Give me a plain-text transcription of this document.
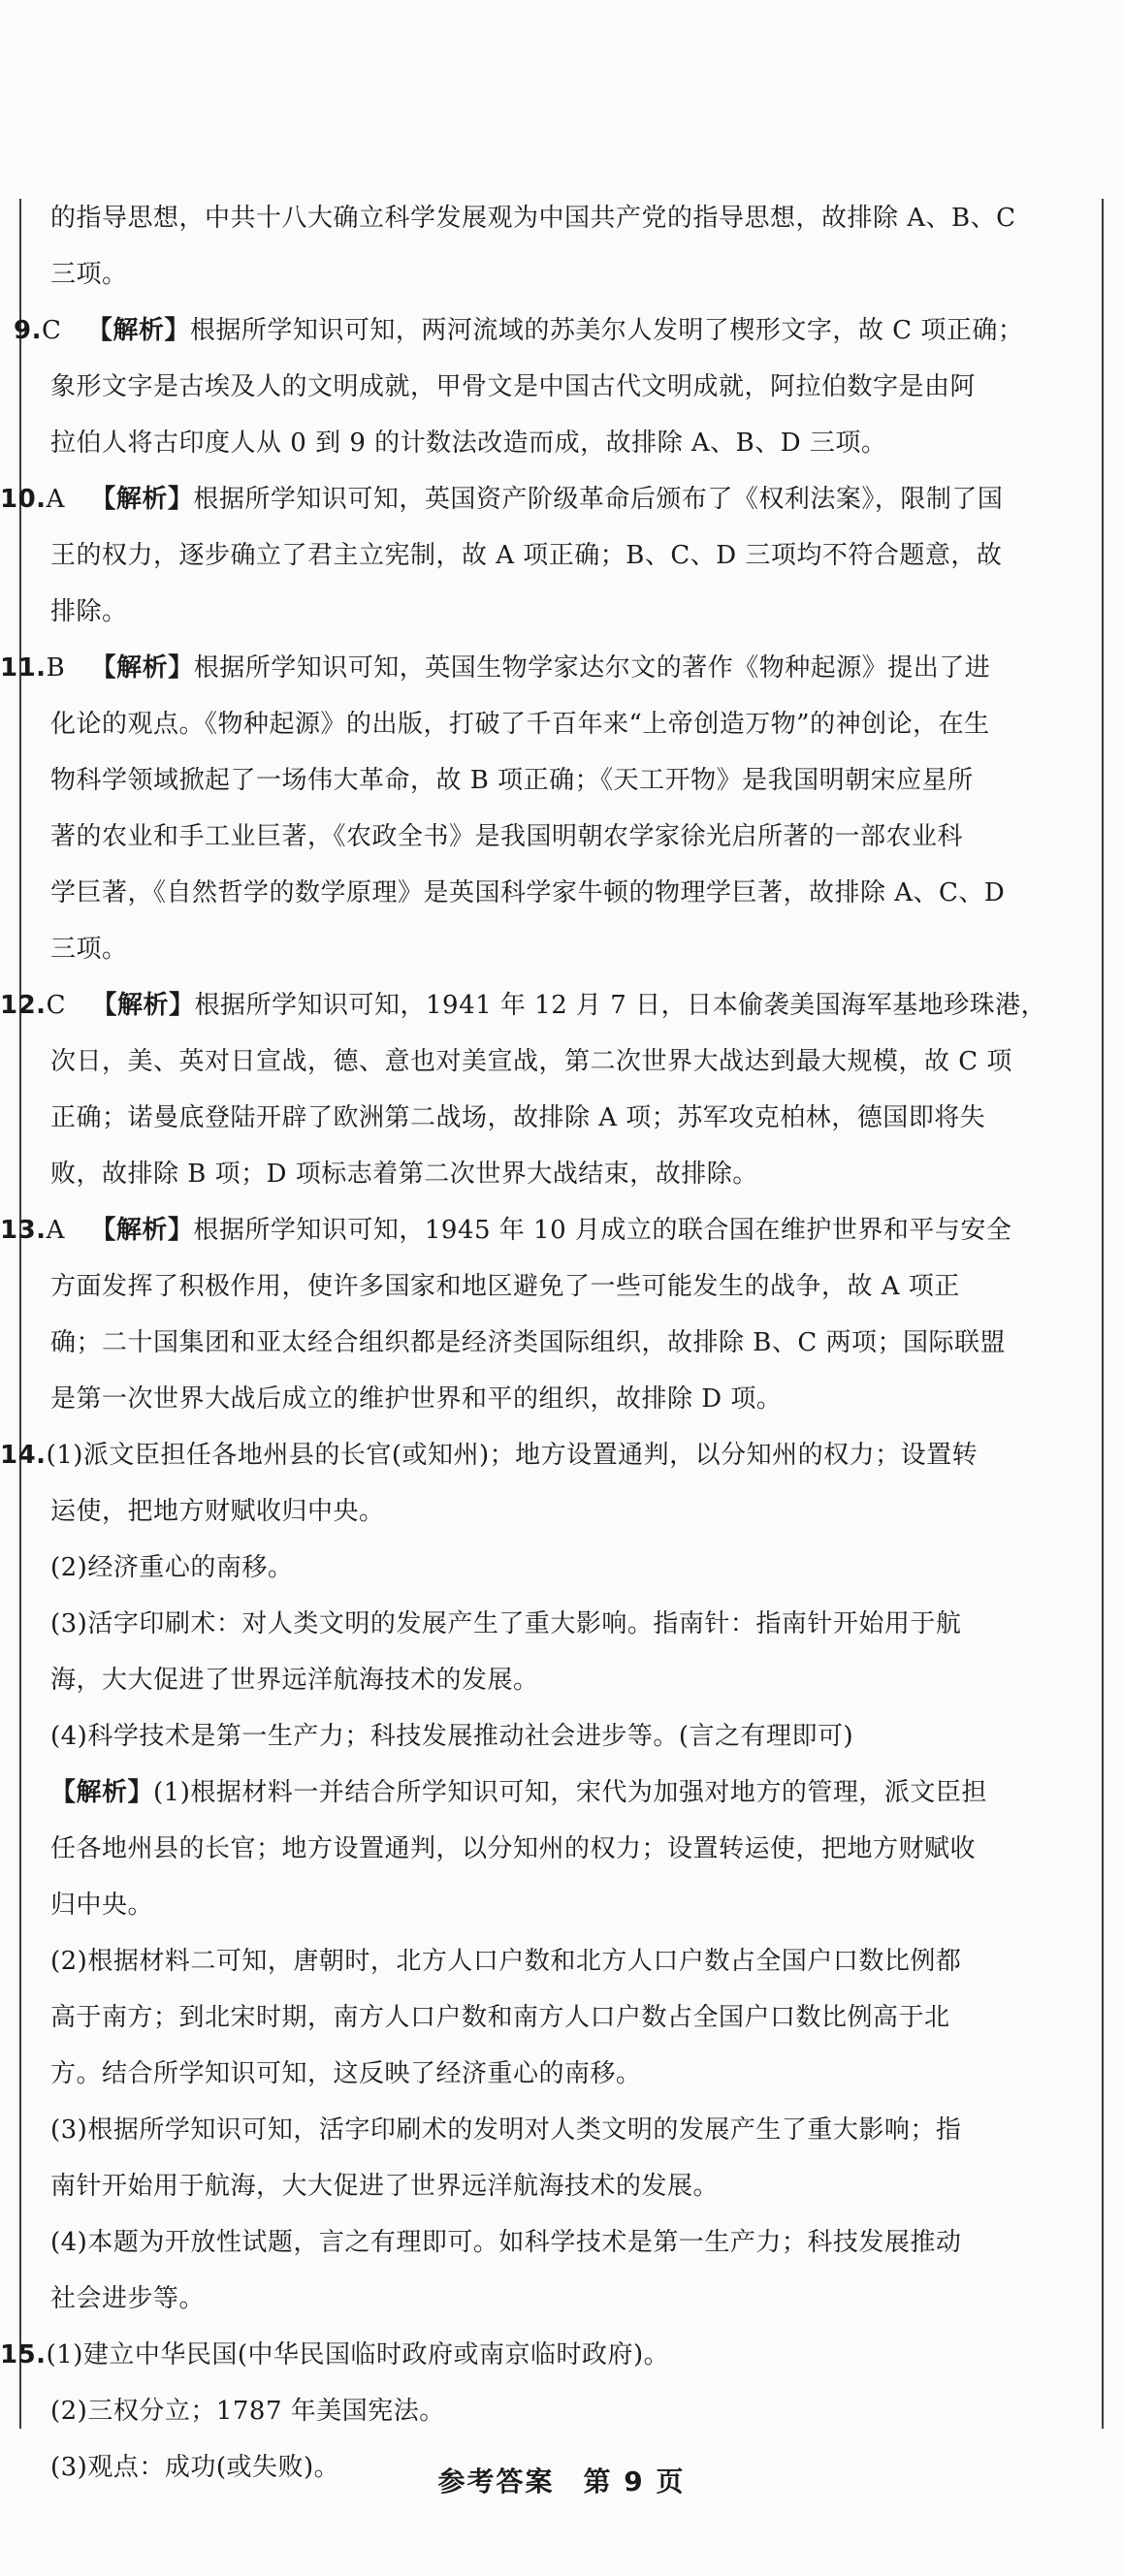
的指导思想，中共十八大确立科学发展观为中国共产党的指导思想，故排除 A、B、C
三项。
9.C  【解析】根据所学知识可知，两河流域的苏美尔人发明了楔形文字，故 C 项正确；
象形文字是古埃及人的文明成就，甲骨文是中国古代文明成就，阿拉伯数字是由阿
拉伯人将古印度人从 0 到 9 的计数法改造而成，故排除 A、B、D 三项。
10.A  【解析】根据所学知识可知，英国资产阶级革命后颁布了《权利法案》，限制了国
王的权力，逐步确立了君主立宪制，故 A 项正确；B、C、D 三项均不符合题意，故
排除。
11.B  【解析】根据所学知识可知，英国生物学家达尔文的著作《物种起源》提出了进
化论的观点。《物种起源》的出版，打破了千百年来“上帝创造万物”的神创论，在生
物科学领域掀起了一场伟大革命，故 B 项正确；《天工开物》是我国明朝宋应星所
著的农业和手工业巨著，《农政全书》是我国明朝农学家徐光启所著的一部农业科
学巨著，《自然哲学的数学原理》是英国科学家牛顿的物理学巨著，故排除 A、C、D
三项。
12.C  【解析】根据所学知识可知，1941 年 12 月 7 日，日本偷袭美国海军基地珍珠港，
次日，美、英对日宣战，德、意也对美宣战，第二次世界大战达到最大规模，故 C 项
正确；诺曼底登陆开辟了欧洲第二战场，故排除 A 项；苏军攻克柏林，德国即将失
败，故排除 B 项；D 项标志着第二次世界大战结束，故排除。
13.A  【解析】根据所学知识可知，1945 年 10 月成立的联合国在维护世界和平与安全
方面发挥了积极作用，使许多国家和地区避免了一些可能发生的战争，故 A 项正
确；二十国集团和亚太经合组织都是经济类国际组织，故排除 B、C 两项；国际联盟
是第一次世界大战后成立的维护世界和平的组织，故排除 D 项。
14.(1)派文臣担任各地州县的长官(或知州)；地方设置通判，以分知州的权力；设置转
运使，把地方财赋收归中央。
(2)经济重心的南移。
(3)活字印刷术：对人类文明的发展产生了重大影响。指南针：指南针开始用于航
海，大大促进了世界远洋航海技术的发展。
(4)科学技术是第一生产力；科技发展推动社会进步等。(言之有理即可)
【解析】(1)根据材料一并结合所学知识可知，宋代为加强对地方的管理，派文臣担
任各地州县的长官；地方设置通判，以分知州的权力；设置转运使，把地方财赋收
归中央。
(2)根据材料二可知，唐朝时，北方人口户数和北方人口户数占全国户口数比例都
高于南方；到北宋时期，南方人口户数和南方人口户数占全国户口数比例高于北
方。结合所学知识可知，这反映了经济重心的南移。
(3)根据所学知识可知，活字印刷术的发明对人类文明的发展产生了重大影响；指
南针开始用于航海，大大促进了世界远洋航海技术的发展。
(4)本题为开放性试题，言之有理即可。如科学技术是第一生产力；科技发展推动
社会进步等。
15.(1)建立中华民国(中华民国临时政府或南京临时政府)。
(2)三权分立；1787 年美国宪法。
(3)观点：成功(或失败)。	参考答案  第 9 页
